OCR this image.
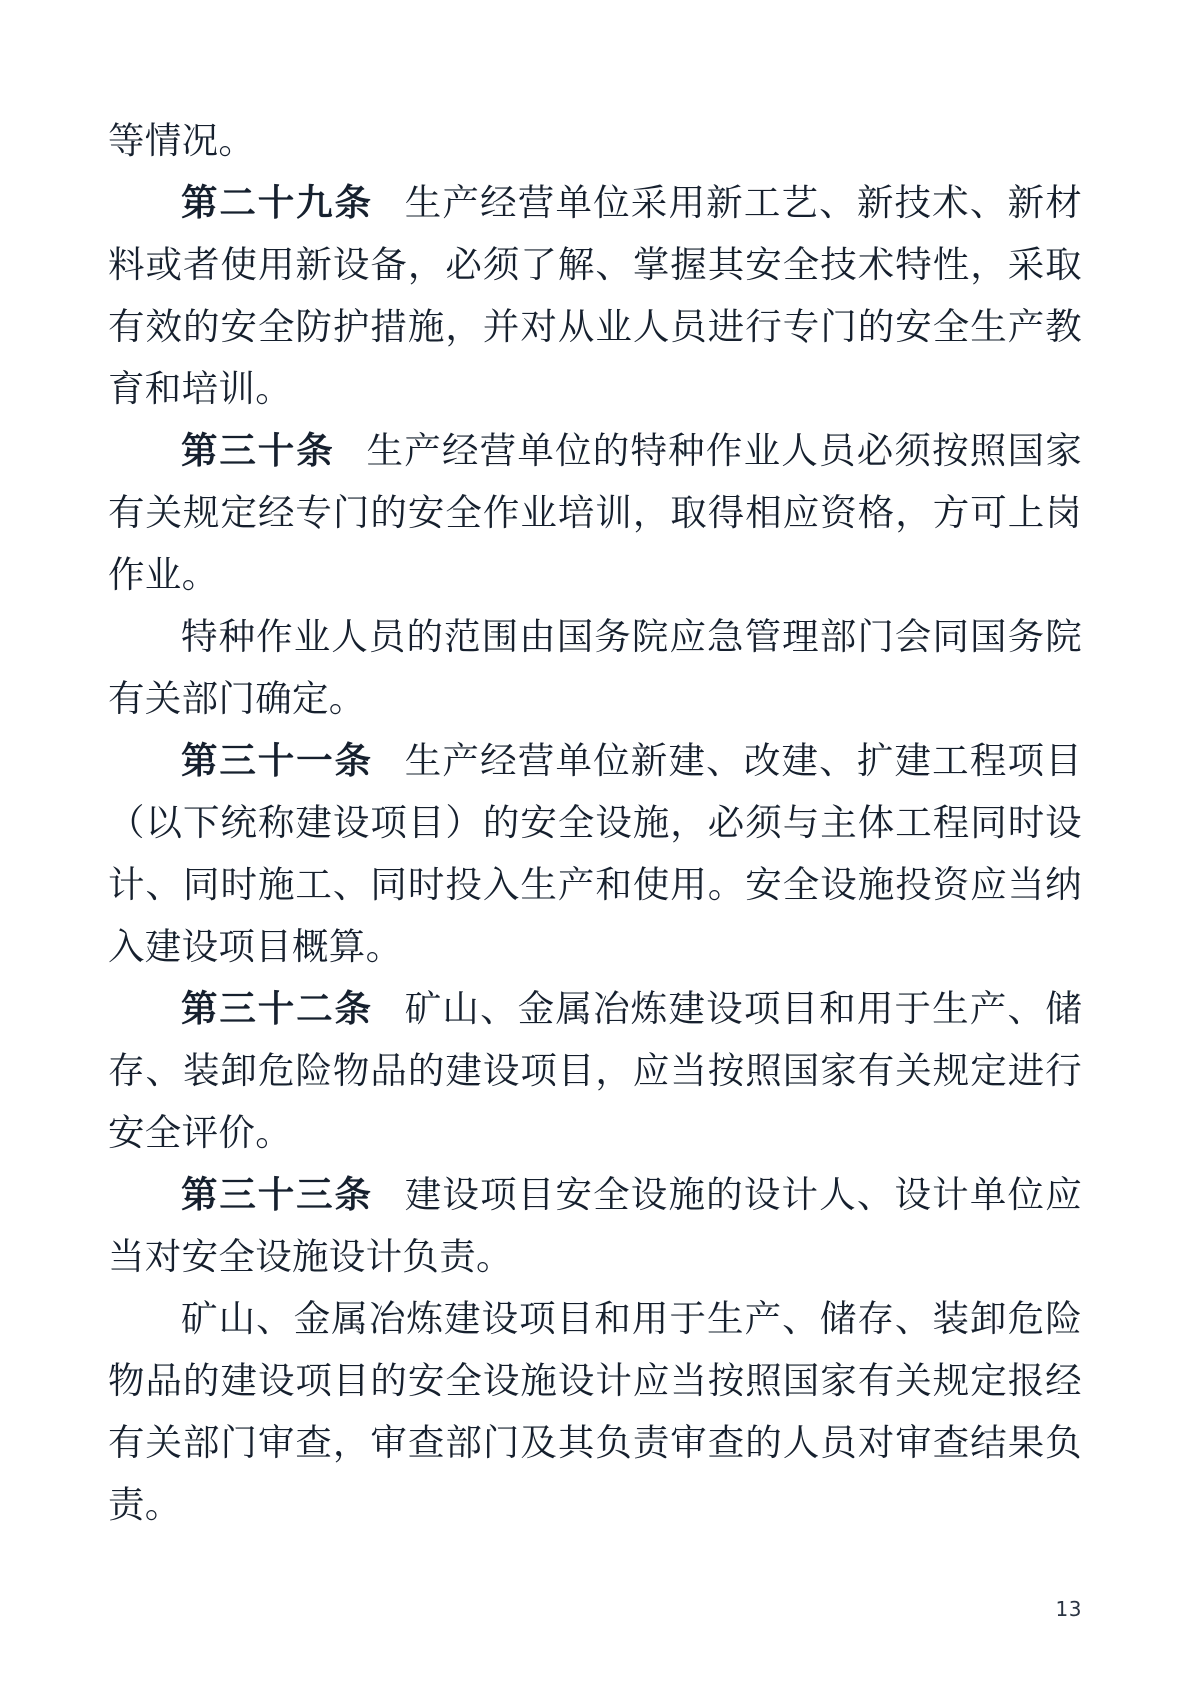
等情况。
第二十九条 生产经营单位采用新工艺、新技术、新材料或者使用新设备，必须了解、掌握其安全技术特性，采取有效的安全防护措施，并对从业人员进行专门的安全生产教育和培训。
第三十条 生产经营单位的特种作业人员必须按照国家有关规定经专门的安全作业培训，取得相应资格，方可上岗作业。
特种作业人员的范围由国务院应急管理部门会同国务院有关部门确定。
第三十一条 生产经营单位新建、改建、扩建工程项目（以下统称建设项目）的安全设施，必须与主体工程同时设计、同时施工、同时投入生产和使用。安全设施投资应当纳入建设项目概算。
第三十二条 矿山、金属冶炼建设项目和用于生产、储存、装卸危险物品的建设项目，应当按照国家有关规定进行安全评价。
第三十三条 建设项目安全设施的设计人、设计单位应当对安全设施设计负责。
矿山、金属冶炼建设项目和用于生产、储存、装卸危险物品的建设项目的安全设施设计应当按照国家有关规定报经有关部门审查，审查部门及其负责审查的人员对审查结果负责。
13
